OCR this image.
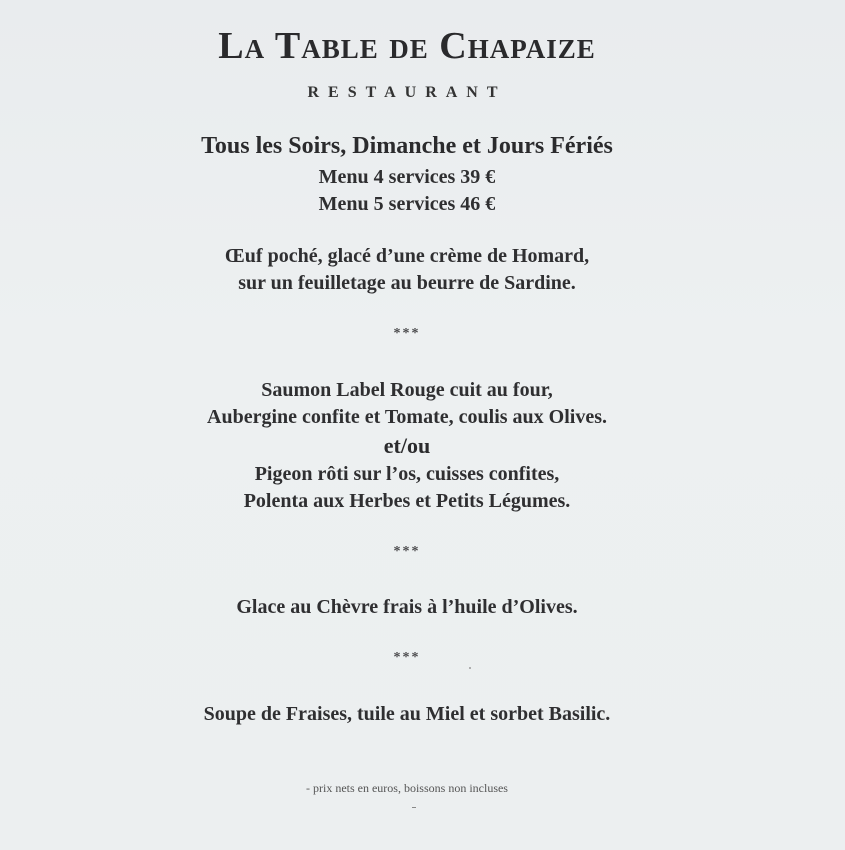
La Table de Chapaize
RESTAURANT
Tous les Soirs, Dimanche et Jours Fériés
Menu 4 services 39 €
Menu 5 services 46 €
Œuf poché, glacé d’une crème de Homard,
sur un feuilletage au beurre de Sardine.
***
Saumon Label Rouge cuit au four,
Aubergine confite et Tomate, coulis aux Olives.
et/ou
Pigeon rôti sur l’os, cuisses confites,
Polenta aux Herbes et Petits Légumes.
***
Glace au Chèvre frais à l’huile d’Olives.
***
Soupe de Fraises, tuile au Miel et sorbet Basilic.
- prix nets en euros, boissons non incluses
